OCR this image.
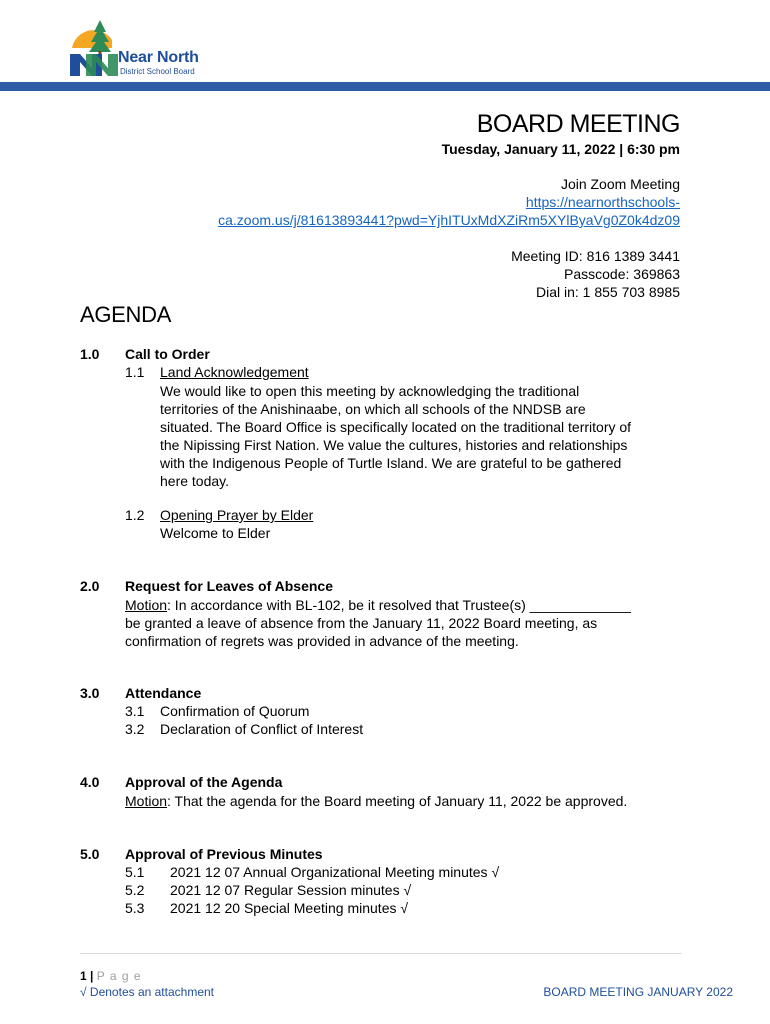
Near North
District School Board
BOARD MEETING
Tuesday, January 11, 2022 | 6:30 pm
Join Zoom Meeting
https://nearnorthschools-
ca.zoom.us/j/81613893441?pwd=YjhITUxMdXZiRm5XYlByaVg0Z0k4dz09
Meeting ID: 816 1389 3441
Passcode: 369863
Dial in: 1 855 703 8985
AGENDA
1.0 Call to Order
1.1 Land Acknowledgement
We would like to open this meeting by acknowledging the traditional
territories of the Anishinaabe, on which all schools of the NNDSB are
situated. The Board Office is specifically located on the traditional territory of
the Nipissing First Nation. We value the cultures, histories and relationships
with the Indigenous People of Turtle Island. We are grateful to be gathered
here today.
1.2 Opening Prayer by Elder
Welcome to Elder
2.0 Request for Leaves of Absence
Motion: In accordance with BL-102, be it resolved that Trustee(s) _____________
be granted a leave of absence from the January 11, 2022 Board meeting, as
confirmation of regrets was provided in advance of the meeting.
3.0 Attendance
3.1 Confirmation of Quorum
3.2 Declaration of Conflict of Interest
4.0 Approval of the Agenda
Motion: That the agenda for the Board meeting of January 11, 2022 be approved.
5.0 Approval of Previous Minutes
5.1 2021 12 07 Annual Organizational Meeting minutes √
5.2 2021 12 07 Regular Session minutes √
5.3 2021 12 20 Special Meeting minutes √
1 | P a g e
√ Denotes an attachment	BOARD MEETING JANUARY 2022
